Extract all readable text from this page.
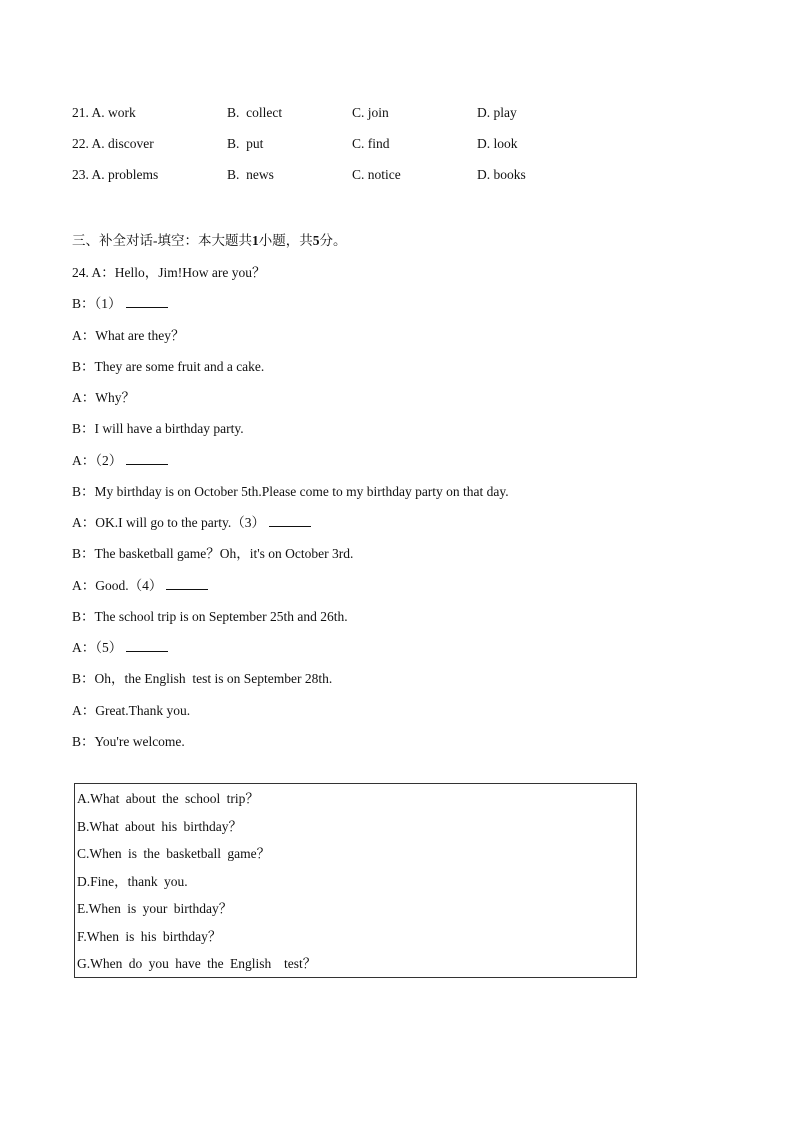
21. A. work	B.  collect	C. join	D. play
22. A. discover	B.  put	C. find	D. look
23. A. problems	B.  news	C. notice	D. books
三、补全对话-填空：本大题共1小题，共5分。
24. A：Hello，Jim!How are you？
B：（1）
A：What are they？
B：They are some fruit and a cake.
A：Why？
B：I will have a birthday party.
A：（2）
B：My birthday is on October 5th.Please come to my birthday party on that day.
A：OK.I will go to the party.（3）
B：The basketball game？Oh，it's on October 3rd.
A：Good.（4）
B：The school trip is on September 25th and 26th.
A：（5）
B：Oh，the English  test is on September 28th.
A：Great.Thank you.
B：You're welcome.
A.What about the school trip？
B.What about his birthday？
C.When is the basketball game？
D.Fine，thank you.
E.When is your birthday？
F.When is his birthday？
G.When do you have the English  test？
